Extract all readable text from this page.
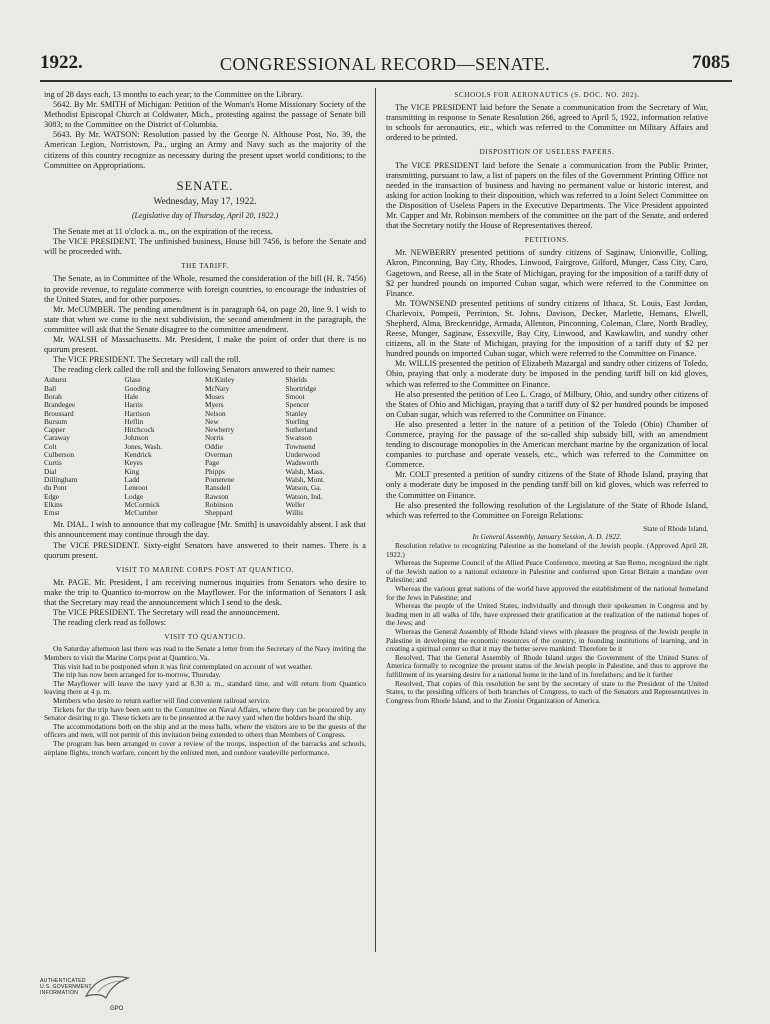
1922.	CONGRESSIONAL RECORD—SENATE.	7085

ing of 28 days each, 13 months to each year; to the Committee on the Library.

5642. By Mr. SMITH of Michigan: Petition of the Woman's Home Missionary Society of the Methodist Episcopal Church at Coldwater, Mich., protesting against the passage of Senate bill 3083; to the Committee on the District of Columbia.

5643. By Mr. WATSON: Resolution passed by the George N. Althouse Post, No. 39, the American Legion, Norristown, Pa., urging an Army and Navy such as the majority of the citizens of this country recognize as necessary during the present upset world conditions; to the Committee on Appropriations.

SENATE.
Wednesday, May 17, 1922.
(Legislative day of Thursday, April 20, 1922.)

The Senate met at 11 o'clock a. m., on the expiration of the recess.

The VICE PRESIDENT. The unfinished business, House bill 7456, is before the Senate and will be proceeded with.

THE TARIFF.

The Senate, as in Committee of the Whole, resumed the consideration of the bill (H. R. 7456) to provide revenue, to regulate commerce with foreign countries, to encourage the industries of the United States, and for other purposes.

Mr. McCUMBER. The pending amendment is in paragraph 64, on page 20, line 9. I wish to state that when we come to the next subdivision, the second amendment in the paragraph, the committee will ask that the Senate disagree to the committee amendment.

Mr. WALSH of Massachusetts. Mr. President, I make the point of order that there is no quorum present.

The VICE PRESIDENT. The Secretary will call the roll.

The reading clerk called the roll and the following Senators answered to their names:

Ashurst
Ball
Borah
Brandegee
Broussard
Bursum
Capper
Caraway
Colt
Culberson
Curtis
Dial
Dillingham
du Pont
Edge
Elkins
Ernst
Glass
Gooding
Hale
Harris
Harrison
Heflin
Hitchcock
Johnson
Jones, Wash.
Kendrick
Keyes
King
Ladd
Lenroot
Lodge
McCormick
McCumber
McKinley
McNary
Moses
Myers
Nelson
New
Newberry
Norris
Oddie
Overman
Page
Phipps
Pomerene
Ransdell
Rawson
Robinson
Sheppard
Shields
Shortridge
Smoot
Spencer
Stanley
Sterling
Sutherland
Swanson
Townsend
Underwood
Wadsworth
Walsh, Mass.
Walsh, Mont.
Watson, Ga.
Watson, Ind.
Weller
Willis

Mr. DIAL. I wish to announce that my colleague [Mr. Smith] is unavoidably absent. I ask that this announcement may continue through the day.

The VICE PRESIDENT. Sixty-eight Senators have answered to their names. There is a quorum present.

VISIT TO MARINE CORPS POST AT QUANTICO.

Mr. PAGE. Mr. President, I am receiving numerous inquiries from Senators who desire to make the trip to Quantico to-morrow on the Mayflower. For the information of Senators I ask that the Secretary may read the announcement which I send to the desk.

The VICE PRESIDENT. The Secretary will read the announcement.

The reading clerk read as follows:

VISIT TO QUANTICO.

On Saturday afternoon last there was read to the Senate a letter from the Secretary of the Navy inviting the Members to visit the Marine Corps post at Quantico, Va.

This visit had to be postponed when it was first contemplated on account of wet weather.

The trip has now been arranged for to-morrow, Thursday.

The Mayflower will leave the navy yard at 8.30 a. m., standard time, and will return from Quantico leaving there at 4 p. m.

Members who desire to return earlier will find convenient railroad service.

Tickets for the trip have been sent to the Committee on Naval Affairs, where they can be procured by any Senator desiring to go. These tickets are to be presented at the navy yard when the holders board the ship.

The accommodations both on the ship and at the mess halls, where the visitors are to be the guests of the officers and men, will not permit of this invitation being extended to others than Members of Congress.

The program has been arranged to cover a review of the troops, inspection of the barracks and schools, airplane flights, trench warfare, concert by the enlisted men, and outdoor vaudeville performance.

SCHOOLS FOR AERONAUTICS (S. DOC. NO. 202).

The VICE PRESIDENT laid before the Senate a communication from the Secretary of War, transmitting in response to Senate Resolution 266, agreed to April 5, 1922, information relative to schools for aeronautics, etc., which was referred to the Committee on Military Affairs and ordered to be printed.

DISPOSITION OF USELESS PAPERS.

The VICE PRESIDENT laid before the Senate a communication from the Public Printer, transmitting, pursuant to law, a list of papers on the files of the Government Printing Office not needed in the transaction of business and having no permanent value or historic interest, and asking for action looking to their disposition, which was referred to a Joint Select Committee on the Disposition of Useless Papers in the Executive Departments. The Vice President appointed Mr. Capper and Mr. Robinson members of the committee on the part of the Senate, and ordered that the Secretary notify the House of Representatives thereof.

PETITIONS.

Mr. NEWBERRY presented petitions of sundry citizens of Saginaw, Unionville, Colling, Akron, Pinconning, Bay City, Rhodes, Linwood, Fairgrove, Gilford, Munger, Cass City, Caro, Gagetown, and Reese, all in the State of Michigan, praying for the imposition of a tariff duty of $2 per hundred pounds on imported Cuban sugar, which were referred to the Committee on Finance.

Mr. TOWNSEND presented petitions of sundry citizens of Ithaca, St. Louis, East Jordan, Charlevoix, Pompeii, Perrinton, St. Johns, Davison, Decker, Marlette, Hemans, Elwell, Shepherd, Alma, Breckenridge, Armada, Allenton, Pinconning, Coleman, Clare, North Bradley, Reese, Munger, Saginaw, Essexville, Bay City, Linwood, and Kawkawlin, and sundry other citizens, all in the State of Michigan, praying for the imposition of a tariff duty of $2 per hundred pounds on imported Cuban sugar, which were referred to the Committee on Finance.

Mr. WILLIS presented the petition of Elizabeth Mazargal and sundry other citizens of Toledo, Ohio, praying that only a moderate duty be imposed in the pending tariff bill on kid gloves, which was referred to the Committee on Finance.

He also presented the petition of Leo L. Crago, of Milbury, Ohio, and sundry other citizens of the States of Ohio and Michigan, praying that a tariff duty of $2 per hundred pounds be imposed on Cuban sugar, which was referred to the Committee on Finance.

He also presented a letter in the nature of a petition of the Toledo (Ohio) Chamber of Commerce, praying for the passage of the so-called ship subsidy bill, with an amendment tending to discourage monopolies in the American merchant marine by the organization of local companies to purchase and operate vessels, etc., which was referred to the Committee on Commerce.

Mr. COLT presented a petition of sundry citizens of the State of Rhode Island, praying that only a moderate duty be imposed in the pending tariff bill on kid gloves, which was referred to the Committee on Finance.

He also presented the following resolution of the Legislature of the State of Rhode Island, which was referred to the Committee on Foreign Relations:

State of Rhode Island,
In General Assembly, January Session, A. D. 1922.

Resolution relative to recognizing Palestine as the homeland of the Jewish people. (Approved April 28, 1922.)

Whereas the Supreme Council of the Allied Peace Conference, meeting at San Remo, recognized the right of the Jewish nation to a national existence in Palestine and conferred upon Great Britain a mandate over Palestine; and

Whereas the various great nations of the world have approved the establishment of the national homeland for the Jews in Palestine; and

Whereas the people of the United States, individually and through their spokesmen in Congress and by leading men in all walks of life, have expressed their gratification at the realization of the national hopes of the Jews; and

Whereas the General Assembly of Rhode Island views with pleasure the progress of the Jewish people in Palestine in developing the economic resources of the country, in founding institutions of learning, and in creating a spiritual center so that it may the better serve mankind: Therefore be it

Resolved, That the General Assembly of Rhode Island urges the Government of the United States of America formally to recognize the present status of the Jewish people in Palestine, and thus to approve the fulfillment of its yearning desire for a national home in the land of its forefathers; and be it further

Resolved, That copies of this resolution be sent by the secretary of state to the President of the United States, to the presiding officers of both branches of Congress, to each of the Senators and Representatives in Congress from Rhode Island, and to the Zionist Organization of America.

AUTHENTICATED
U.S. GOVERNMENT
INFORMATION
GPO
